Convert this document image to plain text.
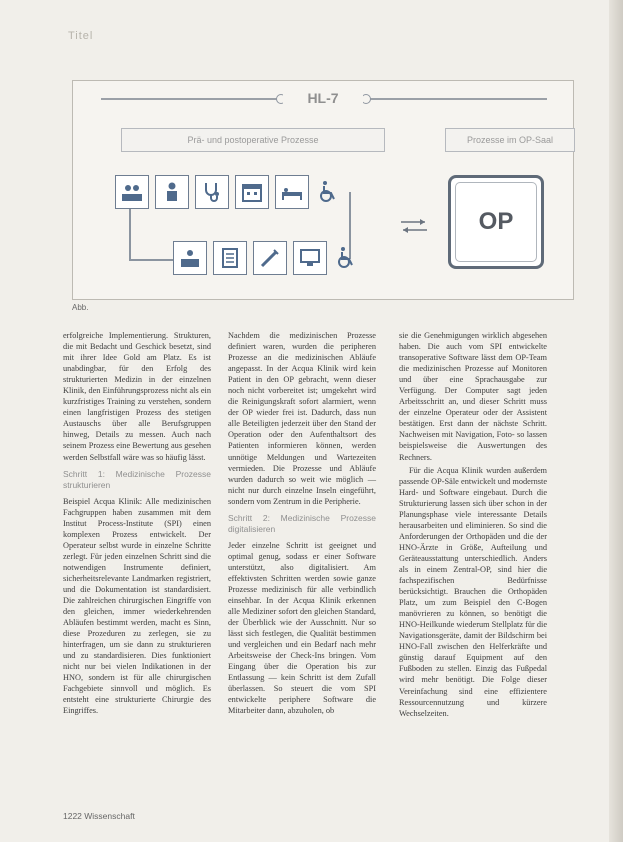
Titel
HL-7
Prä- und postoperative Prozesse	Prozesse im OP-Saal
OP
Abb.

erfolgreiche Implementierung. Strukturen, die mit Bedacht und Geschick besetzt, sind mit ihrer Idee Gold am Platz. Es ist unabdingbar, für den Erfolg des strukturierten Medizin in der einzelnen Klinik, den Einführungsprozess nicht als ein kurzfristiges Training zu verstehen, sondern einen langfristigen Prozess des stetigen Austauschs über alle Berufsgruppen hinweg, Details zu messen. Auch nach seinem Prozess eine Bewertung aus gesehen werden Selbstfall wäre was so häufig lässt.

Schritt 1: Medizinische Prozesse strukturieren

Beispiel Acqua Klinik: Alle medizinischen Fachgruppen haben zusammen mit dem Institut Process-Institute (SPI) einen komplexen Prozess entwickelt. Der Operateur selbst wurde in einzelne Schritte zerlegt. Für jeden einzelnen Schritt sind die notwendigen Instrumente definiert, sicherheitsrelevante Landmarken registriert, und die Dokumentation ist standardisiert. Die zahlreichen chirurgischen Eingriffe von den gleichen, immer wiederkehrenden Abläufen bestimmt werden, macht es Sinn, diese Prozeduren zu zerlegen, sie zu hinterfragen, um sie dann zu strukturieren und zu standardisieren. Dies funktioniert nicht nur bei vielen Indikationen in der HNO, sondern ist für alle chirurgischen Fachgebiete sinnvoll und möglich. Es entsteht eine strukturierte Chirurgie des Eingriffes.

Nachdem die medizinischen Prozesse definiert waren, wurden die peripheren Prozesse an die medizinischen Abläufe angepasst. In der Acqua Klinik wird kein Patient in den OP gebracht, wenn dieser noch nicht vorbereitet ist; umgekehrt wird die Reinigungskraft sofort alarmiert, wenn der OP wieder frei ist. Dadurch, dass nun alle Beteiligten jederzeit über den Stand der Operation oder den Aufenthaltsort des Patienten informieren können, werden unnötige Meldungen und Wartezeiten vermieden. Die Prozesse und Abläufe wurden dadurch so weit wie möglich — nicht nur durch einzelne Inseln eingeführt, sondern vom Zentrum in die Peripherie.

Schritt 2: Medizinische Prozesse digitalisieren

Jeder einzelne Schritt ist geeignet und optimal genug, sodass er einer Software unterstützt, also digitalisiert. Am effektivsten Schritten werden sowie ganze Prozesse medizinisch für alle verbindlich einsehbar. In der Acqua Klinik erkennen alle Mediziner sofort den gleichen Standard, der Überblick wie der Ausschnitt. Nur so lässt sich festlegen, die Qualität bestimmen und vergleichen und ein Bedarf nach mehr Arbeitsweise der Check-Ins bringen. Vom Eingang über die Operation bis zur Entlassung — kein Schritt ist dem Zufall überlassen. So steuert die vom SPI entwickelte periphere Software die Mitarbeiter dann, abzuholen, ob

sie die Genehmigungen wirklich abgesehen haben. Die auch vom SPI entwickelte transoperative Software lässt dem OP-Team die medizinischen Prozesse auf Monitoren und über eine Sprachausgabe zur Verfügung. Der Computer sagt jeden Arbeitsschritt an, und dieser Schritt muss der einzelne Operateur oder der Assistent bestätigen. Erst dann der nächste Schritt. Nachweisen mit Navigation, Foto- so lassen beispielsweise die Auswertungen des Rechners.

Für die Acqua Klinik wurden außerdem passende OP-Säle entwickelt und modernste Hard- und Software eingebaut. Durch die Strukturierung lassen sich über schon in der Planungsphase viele interessante Details herausarbeiten und eliminieren. So sind die Anforderungen der Orthopäden und die der HNO-Ärzte in Größe, Aufteilung und Geräteausstattung unterschiedlich. Anders als in einem Zentral-OP, sind hier die fachspezifischen Bedürfnisse berücksichtigt. Brauchen die Orthopäden Platz, um zum Beispiel den C-Bogen manövrieren zu können, so benötigt die HNO-Heilkunde wiederum Stellplatz für die Navigationsgeräte, damit der Bildschirm bei HNO-Fall zwischen den Helferkräfte und günstig darauf Equipment auf den Fußboden zu stellen. Einzig das Fußpedal wird mehr benötigt. Die Folge dieser Vereinfachung sind eine effizientere Ressourcennutzung und kürzere Wechselzeiten.

1222 Wissenschaft
